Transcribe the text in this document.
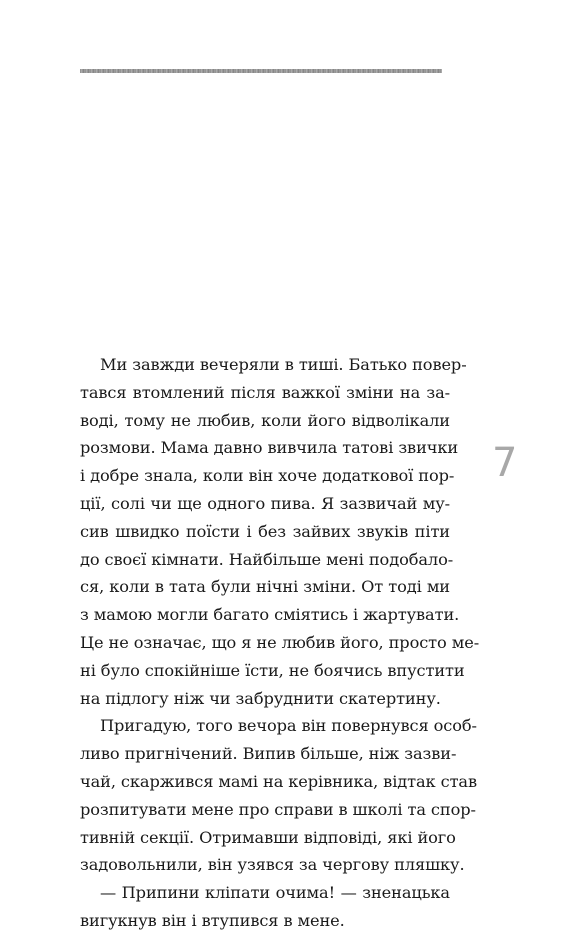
Ми завжди вечеряли в тиші. Батько повер-
тався втомлений після важкої зміни на за-
воді, тому не любив, коли його відволікали
розмови. Мама давно вивчила татові звички
і добре знала, коли він хоче додаткової пор-
ції, солі чи ще одного пива. Я зазвичай му-
сив швидко поїсти і без зайвих звуків піти
до своєї кімнати. Найбільше мені подобало-
ся, коли в тата були нічні зміни. От тоді ми
з мамою могли багато сміятись і жартувати.
Це не означає, що я не любив його, просто ме-
ні було спокійніше їсти, не боячись впустити
на підлогу ніж чи забруднити скатертину.
Пригадую, того вечора він повернувся особ-
ливо пригнічений. Випив більше, ніж зазви-
чай, скаржився мамі на керівника, відтак став
розпитувати мене про справи в школі та спор-
тивній секції. Отримавши відповіді, які його
задовольнили, він узявся за чергову пляшку.
— Припини кліпати очима! — зненацька
вигукнув він і втупився в мене.
7
